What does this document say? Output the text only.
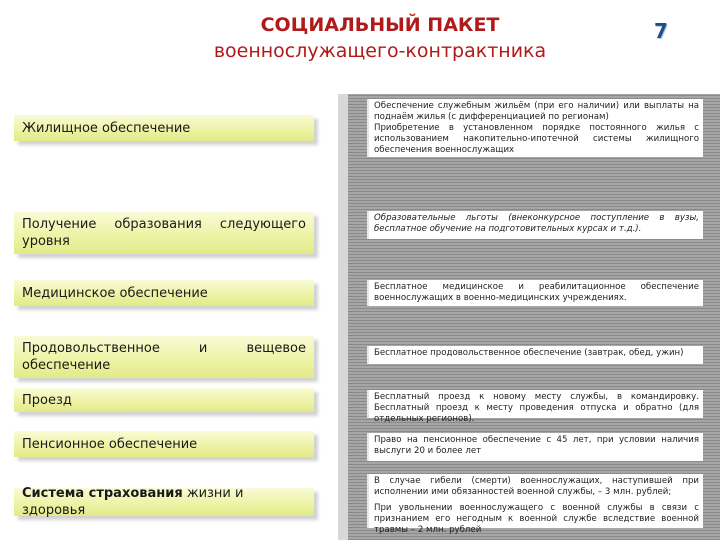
СОЦИАЛЬНЫЙ ПАКЕТ
военнослужащего-контрактника
7
Жилищное обеспечение
Получение образования следующего уровня
Медицинское обеспечение
Продовольственное и вещевое обеспечение
Проезд
Пенсионное обеспечение
Система страхования жизни и здоровья

Обеспечение служебным жильём (при его наличии) или выплаты на поднаём жилья (с дифференциацией по регионам)

Приобретение в установленном порядке постоянного жилья с использованием накопительно-ипотечной системы жилищного обеспечения военнослужащих

Образовательные льготы (внеконкурсное поступление в вузы, бесплатное обучение на подготовительных курсах и т.д.).

Бесплатное медицинское и реабилитационное обеспечение военнослужащих в военно-медицинских учреждениях.

Бесплатное продовольственное обеспечение (завтрак, обед, ужин)

Бесплатный проезд к новому месту службы, в командировку. Бесплатный проезд к месту проведения отпуска и обратно (для отдельных регионов).

Право на пенсионное обеспечение с 45 лет, при условии наличия выслуги 20 и более лет

В случае гибели (смерти) военнослужащих, наступившей при исполнении ими обязанностей военной службы, – 3 млн. рублей;

При увольнении военнослужащего с военной службы в связи с признанием его негодным к военной службе вследствие военной травмы – 2 млн. рублей
